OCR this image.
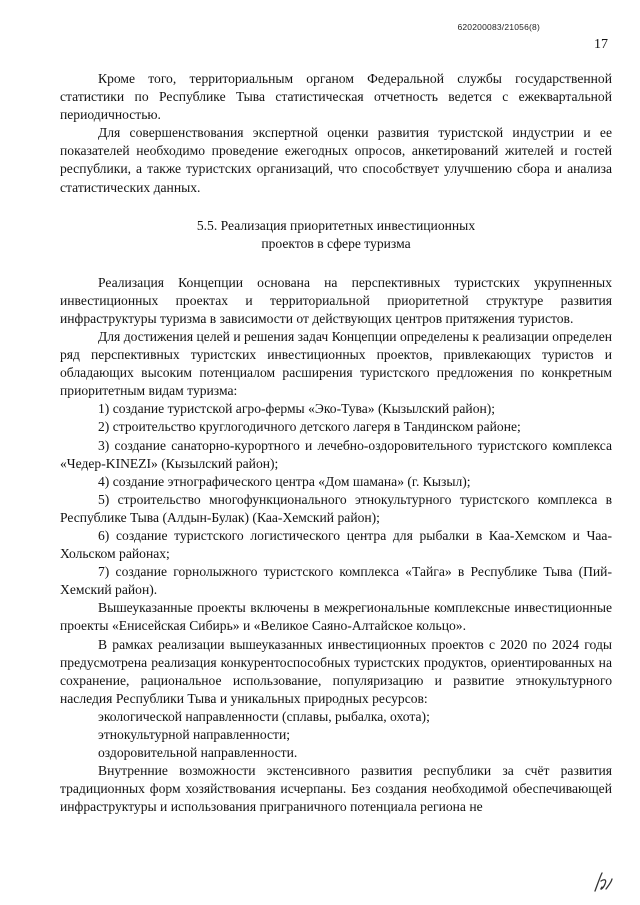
620200083/21056(8)
17

Кроме того, территориальным органом Федеральной службы государственной статистики по Республике Тыва статистическая отчетность ведется с ежеквартальной периодичностью.

Для совершенствования экспертной оценки развития туристской индустрии и ее показателей необходимо проведение ежегодных опросов, анкетирований жителей и гостей республики, а также туристских организаций, что способствует улучшению сбора и анализа статистических данных.

5.5. Реализация приоритетных инвестиционных
проектов в сфере туризма

Реализация Концепции основана на перспективных туристских укрупненных инвестиционных проектах и территориальной приоритетной структуре развития инфраструктуры туризма в зависимости от действующих центров притяжения туристов.

Для достижения целей и решения задач Концепции определены к реализации определен ряд перспективных туристских инвестиционных проектов, привлекающих туристов и обладающих высоким потенциалом расширения туристского предложения по конкретным приоритетным видам туризма:

1) создание туристской агро-фермы «Эко-Тува» (Кызылский район);

2) строительство круглогодичного детского лагеря в Тандинском районе;

3) создание санаторно-курортного и лечебно-оздоровительного туристского комплекса «Чедер-KINEZI» (Кызылский район);

4) создание этнографического центра «Дом шамана» (г. Кызыл);

5) строительство многофункционального этнокультурного туристского комплекса в Республике Тыва (Алдын-Булак) (Каа-Хемский район);

6) создание туристского логистического центра для рыбалки в Каа-Хемском и Чаа-Хольском районах;

7) создание горнолыжного туристского комплекса «Тайга» в Республике Тыва (Пий-Хемский район).

Вышеуказанные проекты включены в межрегиональные комплексные инвестиционные проекты «Енисейская Сибирь» и «Великое Саяно-Алтайское кольцо».

В рамках реализации вышеуказанных инвестиционных проектов с 2020 по 2024 годы предусмотрена реализация конкурентоспособных туристских продуктов, ориентированных на сохранение, рациональное использование, популяризацию и развитие этнокультурного наследия Республики Тыва и уникальных природных ресурсов:

экологической направленности (сплавы, рыбалка, охота);

этнокультурной направленности;

оздоровительной направленности.

Внутренние возможности экстенсивного развития республики за счёт развития традиционных форм хозяйствования исчерпаны. Без создания необходимой обеспечивающей инфраструктуры и использования приграничного потенциала региона не
